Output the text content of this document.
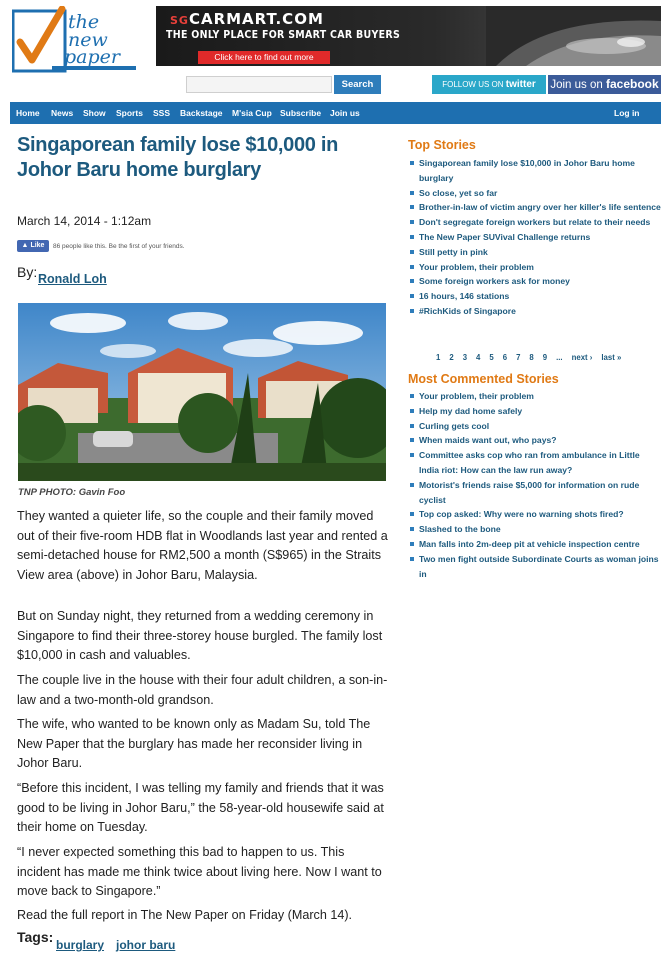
the
new
paper
SGCARMART.COM
THE ONLY PLACE FOR SMART CAR BUYERS
Click here to find out more
Search	FOLLOW US ON twitter	Join us on facebook
Home News Show Sports SSS Backstage M'sia Cup Subscribe Join us	Log in
Singaporean family lose $10,000 in Johor Baru home burglary
March 14, 2014 - 1:12am
▲ Like	86 people like this. Be the first of your friends.
By: Ronald Loh
TNP PHOTO: Gavin Foo

They wanted a quieter life, so the couple and their family moved out of their five-room HDB flat in Woodlands last year and rented a semi-detached house for RM2,500 a month (S$965) in the Straits View area (above) in Johor Baru, Malaysia.

But on Sunday night, they returned from a wedding ceremony in Singapore to find their three-storey house burgled. The family lost $10,000 in cash and valuables.

The couple live in the house with their four adult children, a son-in-law and a two-month-old grandson.

The wife, who wanted to be known only as Madam Su, told The New Paper that the burglary has made her reconsider living in Johor Baru.

“Before this incident, I was telling my family and friends that it was good to be living in Johor Baru,” the 58-year-old housewife said at their home on Tuesday.

“I never expected something this bad to happen to us. This incident has made me think twice about living here. Now I want to move back to Singapore.”

Read the full report in The New Paper on Friday (March 14).

Tags: burglary johor baru
Top Stories
Singaporean family lose $10,000 in Johor Baru home burglary
So close, yet so far
Brother-in-law of victim angry over her killer's life sentence
Don't segregate foreign workers but relate to their needs
The New Paper SUVival Challenge returns
Still petty in pink
Your problem, their problem
Some foreign workers ask for money
16 hours, 146 stations
#RichKids of Singapore
1 2 3 4 5 6 7 8 9 ... next › last »
Most Commented Stories
Your problem, their problem
Help my dad home safely
Curling gets cool
When maids want out, who pays?
Committee asks cop who ran from ambulance in Little India riot: How can the law run away?
Motorist's friends raise $5,000 for information on rude cyclist
Top cop asked: Why were no warning shots fired?
Slashed to the bone
Man falls into 2m-deep pit at vehicle inspection centre
Two men fight outside Subordinate Courts as woman joins in
